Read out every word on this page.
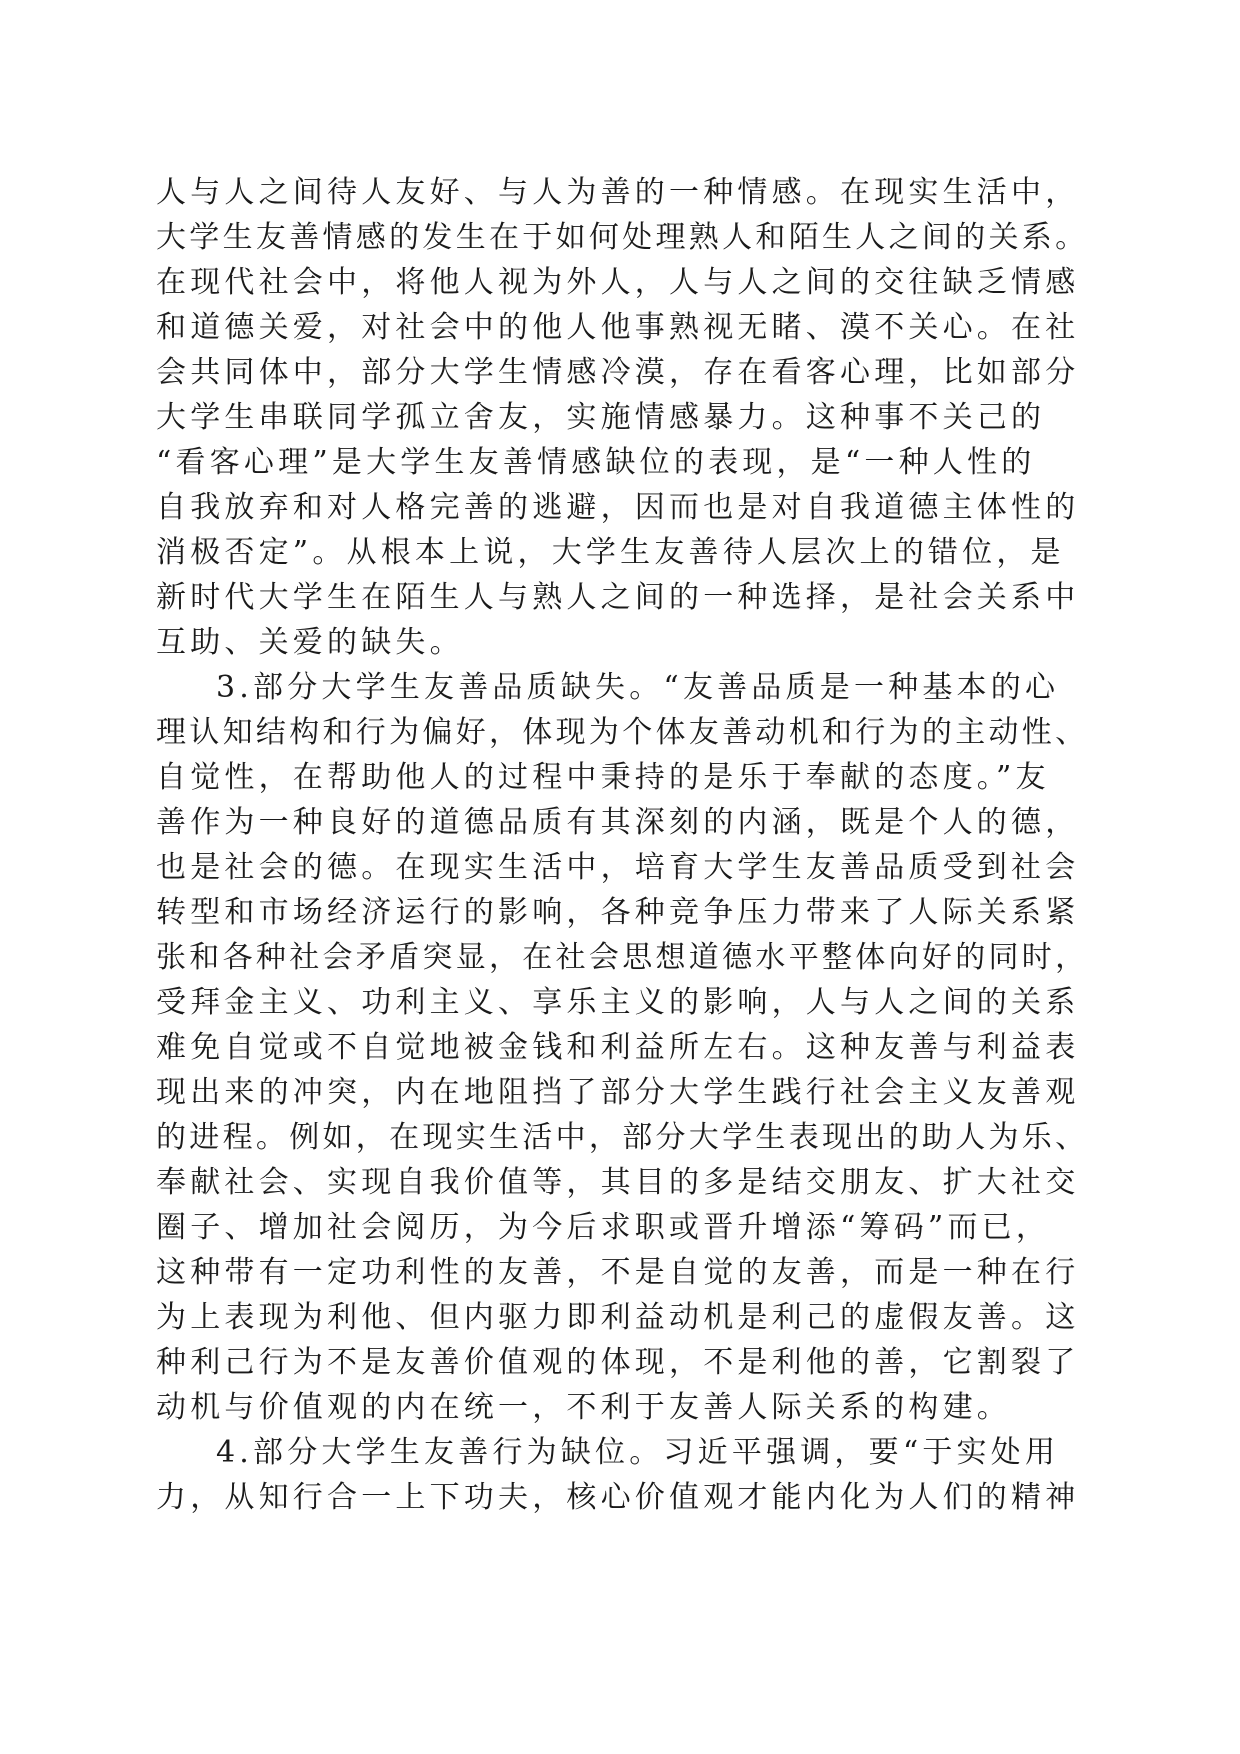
人与人之间待人友好、与人为善的一种情感。在现实生活中，
大学生友善情感的发生在于如何处理熟人和陌生人之间的关系。
在现代社会中，将他人视为外人，人与人之间的交往缺乏情感
和道德关爱，对社会中的他人他事熟视无睹、漠不关心。在社
会共同体中，部分大学生情感冷漠，存在看客心理，比如部分
大学生串联同学孤立舍友，实施情感暴力。这种事不关己的
“看客心理”是大学生友善情感缺位的表现，是“一种人性的
自我放弃和对人格完善的逃避，因而也是对自我道德主体性的
消极否定”。从根本上说，大学生友善待人层次上的错位，是
新时代大学生在陌生人与熟人之间的一种选择，是社会关系中
互助、关爱的缺失。
3.部分大学生友善品质缺失。“友善品质是一种基本的心
理认知结构和行为偏好，体现为个体友善动机和行为的主动性、
自觉性，在帮助他人的过程中秉持的是乐于奉献的态度。”友
善作为一种良好的道德品质有其深刻的内涵，既是个人的德，
也是社会的德。在现实生活中，培育大学生友善品质受到社会
转型和市场经济运行的影响，各种竞争压力带来了人际关系紧
张和各种社会矛盾突显，在社会思想道德水平整体向好的同时，
受拜金主义、功利主义、享乐主义的影响，人与人之间的关系
难免自觉或不自觉地被金钱和利益所左右。这种友善与利益表
现出来的冲突，内在地阻挡了部分大学生践行社会主义友善观
的进程。例如，在现实生活中，部分大学生表现出的助人为乐、
奉献社会、实现自我价值等，其目的多是结交朋友、扩大社交
圈子、增加社会阅历，为今后求职或晋升增添“筹码”而已，
这种带有一定功利性的友善，不是自觉的友善，而是一种在行
为上表现为利他、但内驱力即利益动机是利己的虚假友善。这
种利己行为不是友善价值观的体现，不是利他的善，它割裂了
动机与价值观的内在统一，不利于友善人际关系的构建。
4.部分大学生友善行为缺位。习近平强调，要“于实处用
力，从知行合一上下功夫，核心价值观才能内化为人们的精神
